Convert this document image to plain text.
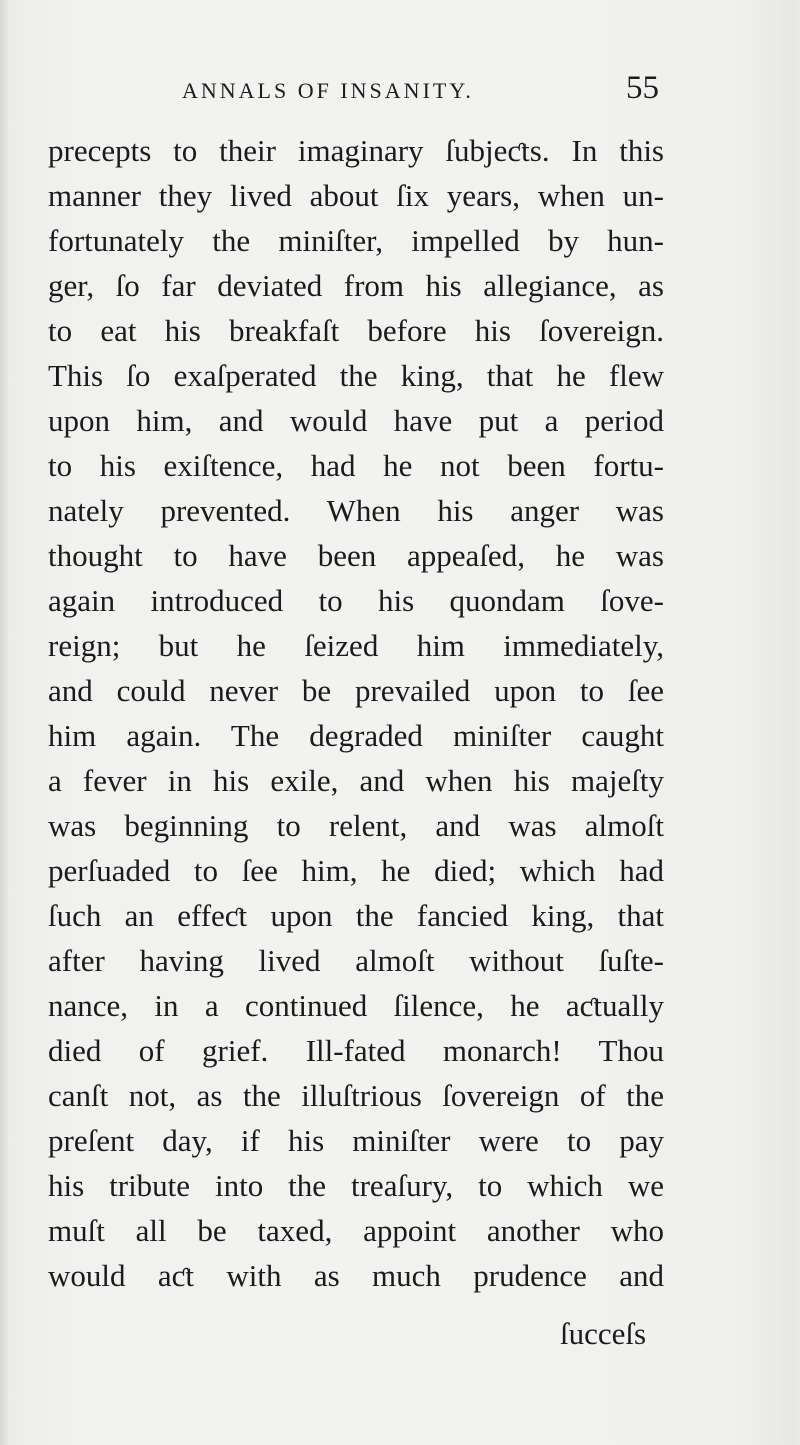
ANNALS OF INSANITY.	55
precepts to their imaginary ſubjeƈts. In this
manner they lived about ſix years, when un-
fortunately the miniſter, impelled by hun-
ger, ſo far deviated from his allegiance, as
to eat his breakfaſt before his ſovereign.
This ſo exaſperated the king, that he flew
upon him, and would have put a period
to his exiſtence, had he not been fortu-
nately prevented. When his anger was
thought to have been appeaſed, he was
again introduced to his quondam ſove-
reign; but he ſeized him immediately,
and could never be prevailed upon to ſee
him again. The degraded miniſter caught
a fever in his exile, and when his majeſty
was beginning to relent, and was almoſt
perſuaded to ſee him, he died; which had
ſuch an effeƈt upon the fancied king, that
after having lived almoſt without ſuſte-
nance, in a continued ſilence, he aƈtually
died of grief. Ill-fated monarch! Thou
canſt not, as the illuſtrious ſovereign of the
preſent day, if his miniſter were to pay
his tribute into the treaſury, to which we
muſt all be taxed, appoint another who
would aƈt with as much prudence and
ſucceſs
